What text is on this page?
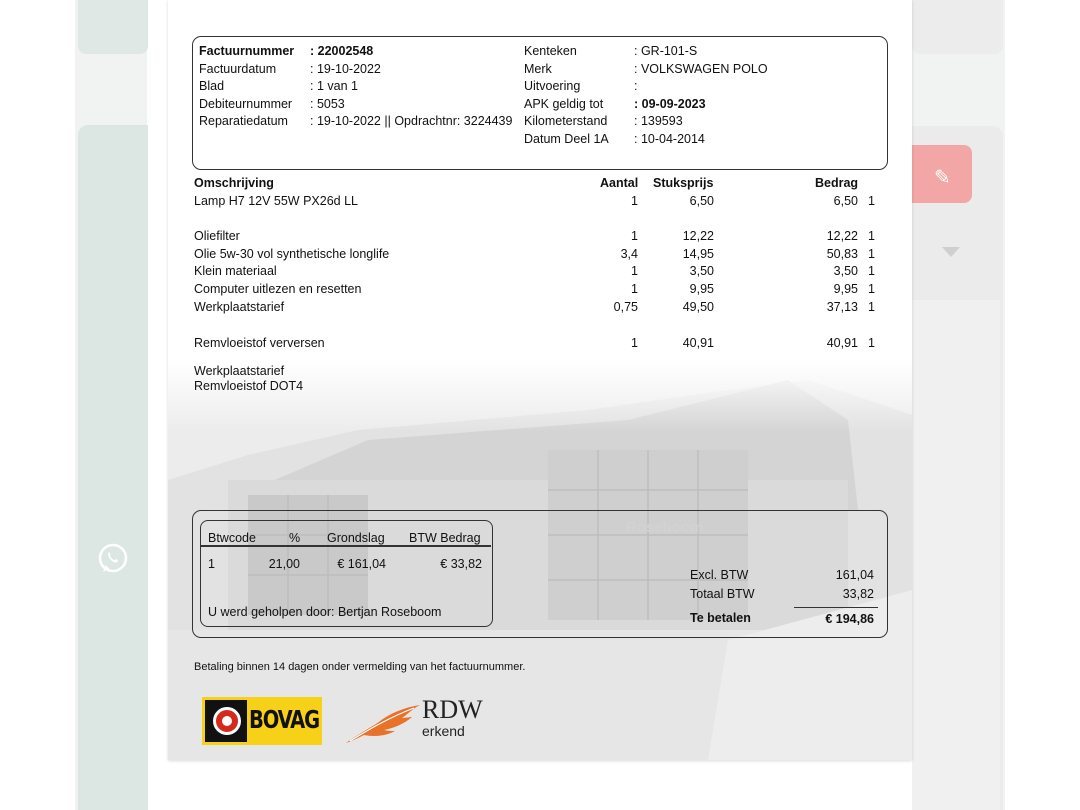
✎
Omschrijving	Aantal Stuksprijs	Bedrag
Werkplaatstarief
Remvloeistof DOT4
Btwcode	% Grondslag BTW Bedrag
1	21,00	€ 161,04	€ 33,82
U werd geholpen door: Bertjan Roseboom
Excl. BTW	161,04
Totaal BTW	33,82
Te betalen	€ 194,86
Betaling binnen 14 dagen onder vermelding van het factuurnummer.
BOVAG	RDW
erkend
Factuurnummer : 22002548
Factuurdatum	: 19-10-2022
Blad	: 1 van 1
Debiteurnummer : 5053
Reparatiedatum : 19-10-2022 || Opdrachtnr: 3224439
Kenteken	: GR-101-S
Merk	: VOLKSWAGEN POLO
Uitvoering	:
APK geldig tot : 09-09-2023
Kilometerstand : 139593
Datum Deel 1A : 10-04-2014
Lamp H7 12V 55W PX26d LL	1	6,50	6,50 1
Oliefilter	1	12,22	12,22 1
Olie 5w-30 vol synthetische longlife	3,4	14,95	50,83 1
Klein materiaal	1	3,50	3,50 1
Computer uitlezen en resetten	1	9,95	9,95 1
Werkplaatstarief	0,75	49,50	37,13 1
Remvloeistof verversen	1	40,91	40,91 1
